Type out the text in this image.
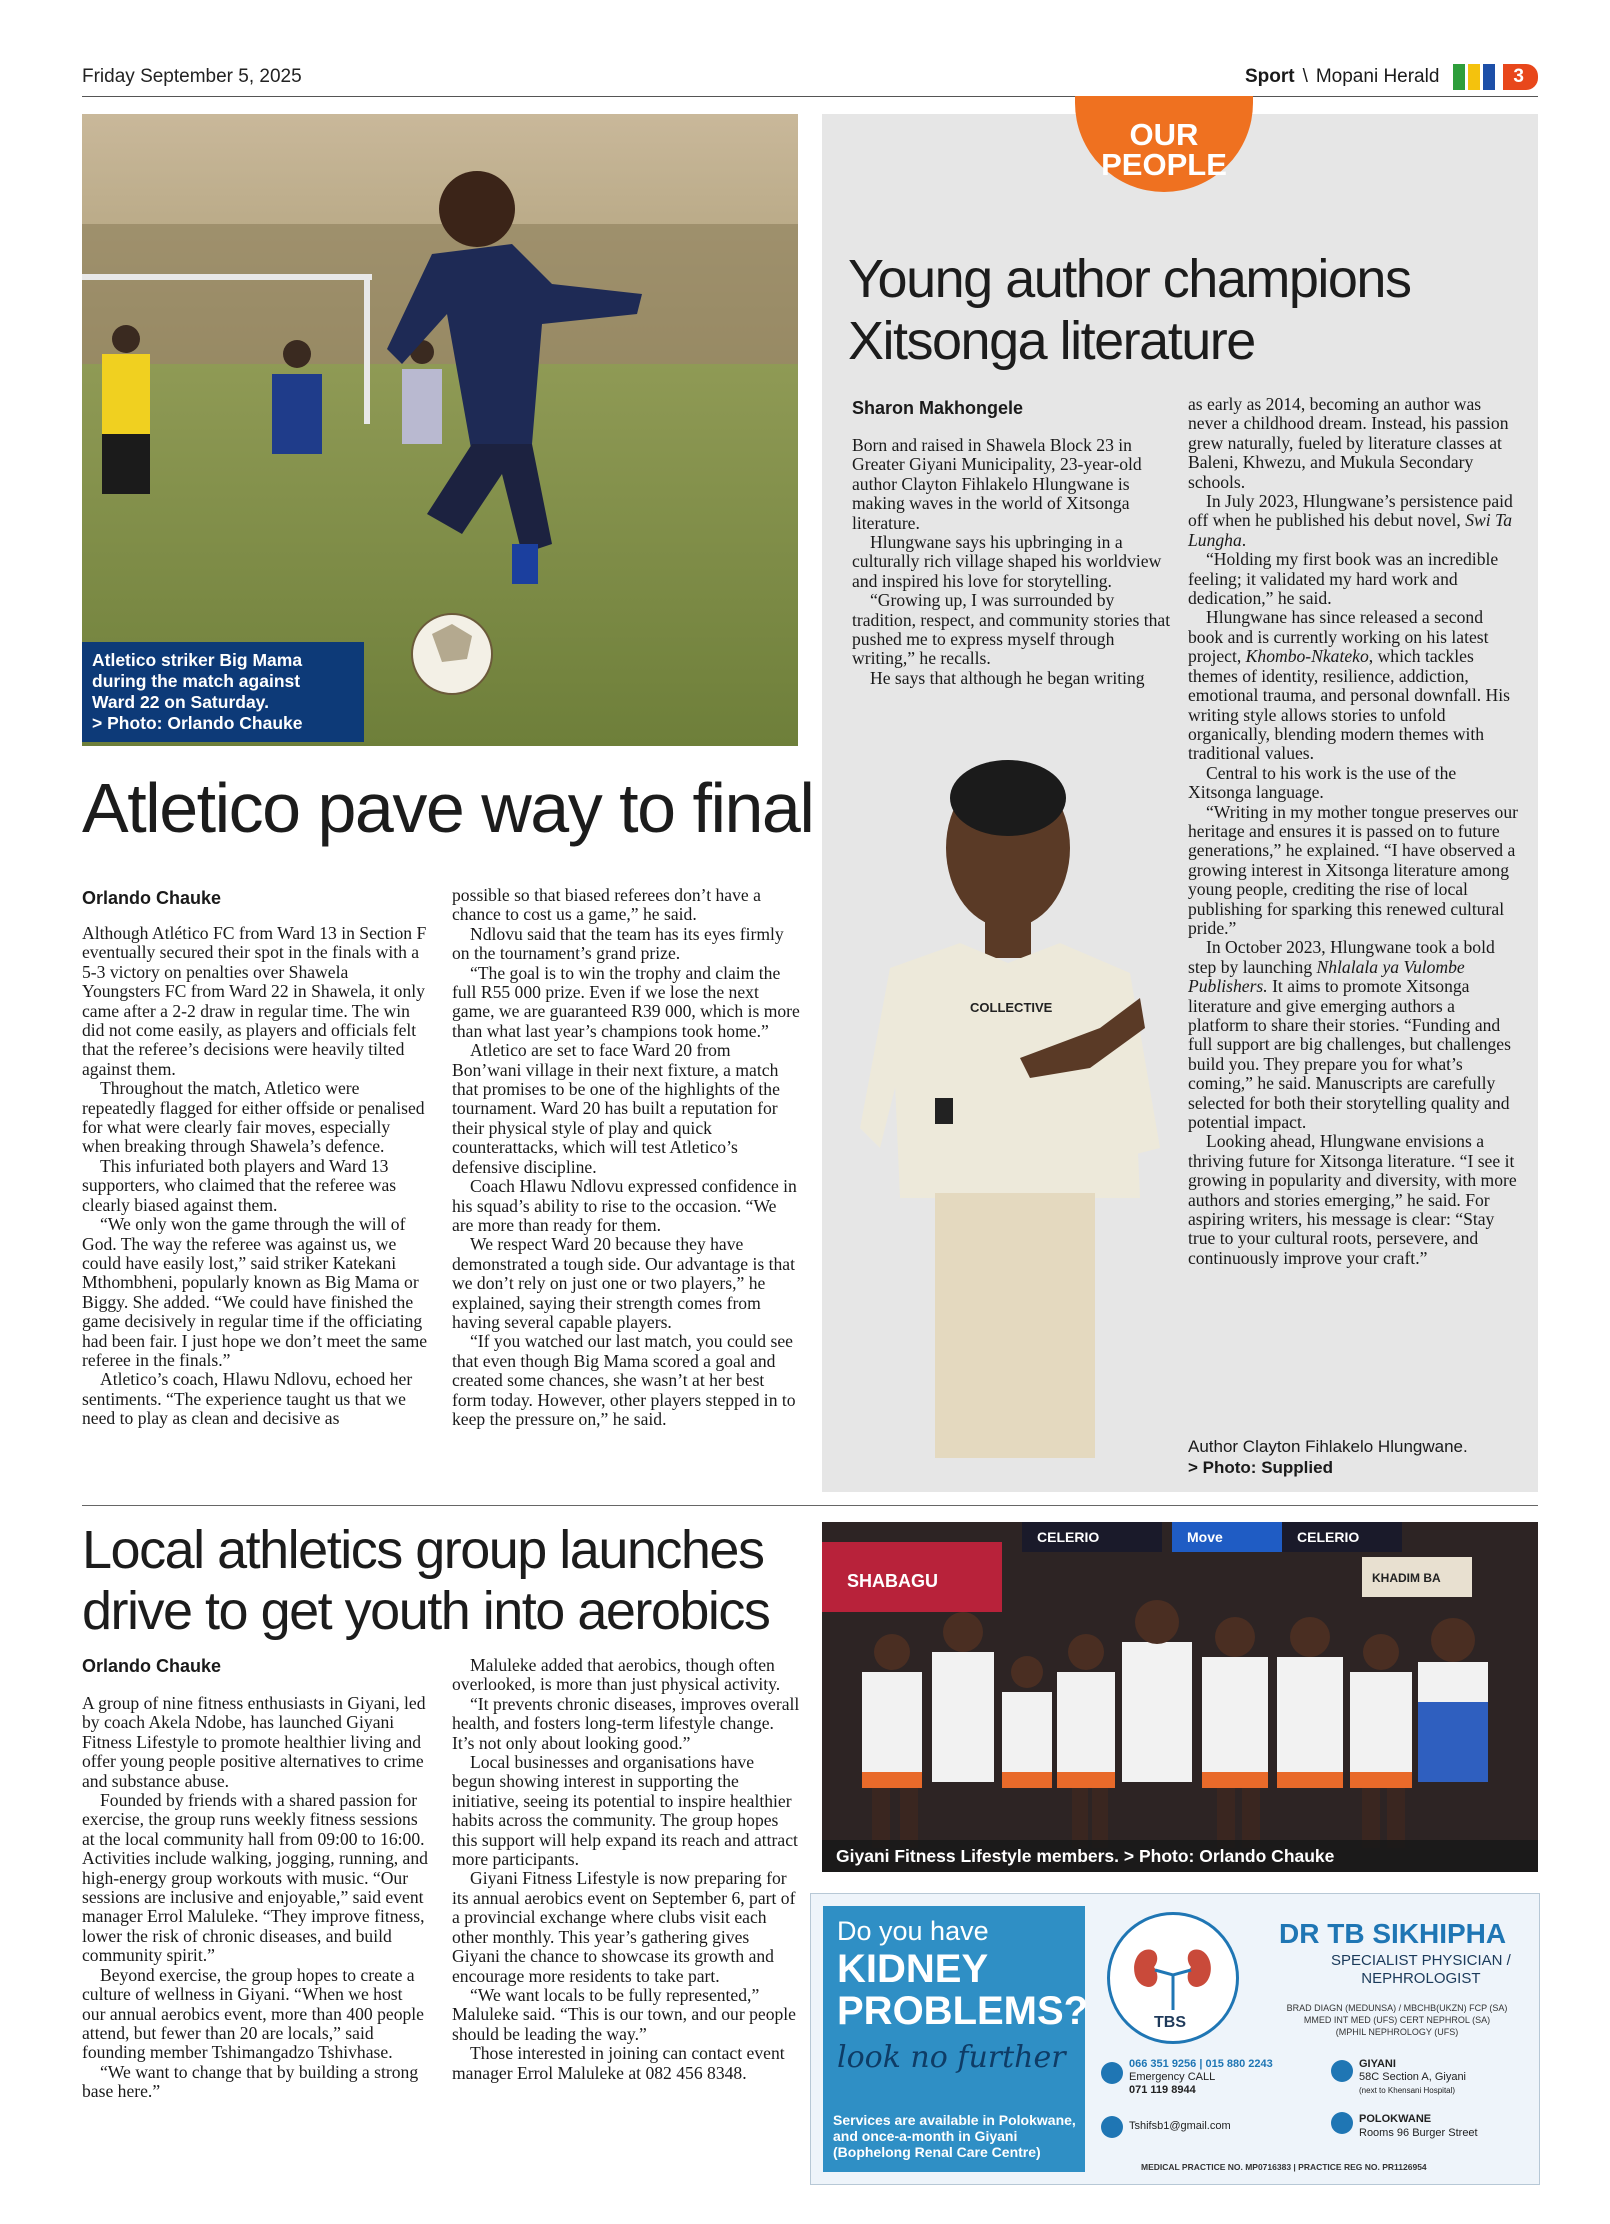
Friday September 5, 2025	Sport \ Mopani Herald	3
Atletico striker Big Mama
during the match against
Ward 22 on Saturday.
> Photo: Orlando Chauke
Atletico pave way to final
Orlando Chauke

Although Atlético FC from Ward 13 in Section F eventually secured their spot in the finals with a 5-3 victory on penalties over Shawela Youngsters FC from Ward 22 in Shawela, it only came after a 2-2 draw in regular time. The win did not come easily, as players and officials felt that the referee’s decisions were heavily tilted against them.

Throughout the match, Atletico were repeatedly flagged for either offside or penalised for what were clearly fair moves, especially when breaking through Shawela’s defence.

This infuriated both players and Ward 13 supporters, who claimed that the referee was clearly biased against them.

“We only won the game through the will of God. The way the referee was against us, we could have easily lost,” said striker Katekani Mthombheni, popularly known as Big Mama or Biggy. She added. “We could have finished the game decisively in regular time if the officiating had been fair. I just hope we don’t meet the same referee in the finals.”

Atletico’s coach, Hlawu Ndlovu, echoed her sentiments. “The experience taught us that we need to play as clean and decisive as

possible so that biased referees don’t have a chance to cost us a game,” he said.

Ndlovu said that the team has its eyes firmly on the tournament’s grand prize.

“The goal is to win the trophy and claim the full R55 000 prize. Even if we lose the next game, we are guaranteed R39 000, which is more than what last year’s champions took home.”

Atletico are set to face Ward 20 from Bon’wani village in their next fixture, a match that promises to be one of the highlights of the tournament. Ward 20 has built a reputation for their physical style of play and quick counterattacks, which will test Atletico’s defensive discipline.

Coach Hlawu Ndlovu expressed confidence in his squad’s ability to rise to the occasion. “We are more than ready for them.

We respect Ward 20 because they have demonstrated a tough side. Our advantage is that we don’t rely on just one or two players,” he explained, saying their strength comes from having several capable players.

“If you watched our last match, you could see that even though Big Mama scored a goal and created some chances, she wasn’t at her best form today. However, other players stepped in to keep the pressure on,” he said.

OUR
PEOPLE
Young author champions
Xitsonga literature
Sharon Makhongele

Born and raised in Shawela Block 23 in Greater Giyani Municipality, 23-year-old author Clayton Fihlakelo Hlungwane is making waves in the world of Xitsonga literature.

Hlungwane says his upbringing in a culturally rich village shaped his worldview and inspired his love for storytelling.

“Growing up, I was surrounded by tradition, respect, and community stories that pushed me to express myself through writing,” he recalls.

He says that although he began writing

COLLECTIVE

as early as 2014, becoming an author was never a childhood dream. Instead, his passion grew naturally, fueled by literature classes at Baleni, Khwezu, and Mukula Secondary schools.

In July 2023, Hlungwane’s persistence paid off when he published his debut novel, Swi Ta Lungha.

“Holding my first book was an incredible feeling; it validated my hard work and dedication,” he said.

Hlungwane has since released a second book and is currently working on his latest project, Khombo-Nkateko, which tackles themes of identity, resilience, addiction, emotional trauma, and personal downfall. His writing style allows stories to unfold organically, blending modern themes with traditional values.

Central to his work is the use of the Xitsonga language.

“Writing in my mother tongue preserves our heritage and ensures it is passed on to future generations,” he explained. “I have observed a growing interest in Xitsonga literature among young people, crediting the rise of local publishing for sparking this renewed cultural pride.”

In October 2023, Hlungwane took a bold step by launching Nhlalala ya Vulombe Publishers. It aims to promote Xitsonga literature and give emerging authors a platform to share their stories. “Funding and full support are big challenges, but challenges build you. They prepare you for what’s coming,” he said. Manuscripts are carefully selected for both their storytelling quality and potential impact.

Looking ahead, Hlungwane envisions a thriving future for Xitsonga literature. “I see it growing in popularity and diversity, with more authors and stories emerging,” he said. For aspiring writers, his message is clear: “Stay true to your cultural roots, persevere, and continuously improve your craft.”

Author Clayton Fihlakelo Hlungwane.
> Photo: Supplied
Local athletics group launches
drive to get youth into aerobics
Orlando Chauke

A group of nine fitness enthusiasts in Giyani, led by coach Akela Ndobe, has launched Giyani Fitness Lifestyle to promote healthier living and offer young people positive alternatives to crime and substance abuse.

Founded by friends with a shared passion for exercise, the group runs weekly fitness sessions at the local community hall from 09:00 to 16:00. Activities include walking, jogging, running, and high-energy group workouts with music. “Our sessions are inclusive and enjoyable,” said event manager Errol Maluleke. “They improve fitness, lower the risk of chronic diseases, and build community spirit.”

Beyond exercise, the group hopes to create a culture of wellness in Giyani. “When we host our annual aerobics event, more than 400 people attend, but fewer than 20 are locals,” said founding member Tshimangadzo Tshivhase.

“We want to change that by building a strong base here.”

Maluleke added that aerobics, though often overlooked, is more than just physical activity.

“It prevents chronic diseases, improves overall health, and fosters long-term lifestyle change. It’s not only about looking good.”

Local businesses and organisations have begun showing interest in supporting the initiative, seeing its potential to inspire healthier habits across the community. The group hopes this support will help expand its reach and attract more participants.

Giyani Fitness Lifestyle is now preparing for its annual aerobics event on September 6, part of a provincial exchange where clubs visit each other monthly. This year’s gathering gives Giyani the chance to showcase its growth and encourage more residents to take part.

“We want locals to be fully represented,” Maluleke said. “This is our town, and our people should be leading the way.”

Those interested in joining can contact event manager Errol Maluleke at 082 456 8348.

CELERIO	Move
SHABAGU
CELERIO
KHADIM BA
Giyani Fitness Lifestyle members. > Photo: Orlando Chauke
Do you have
KIDNEY
PROBLEMS?
look no further
Services are available in Polokwane,
and once-a-month in Giyani
(Bophelong Renal Care Centre)
TBS
DR TB SIKHIPHA
SPECIALIST PHYSICIAN /
NEPHROLOGIST
BRAD DIAGN (MEDUNSA) / MBCHB(UKZN) FCP (SA)
MMED INT MED (UFS) CERT NEPHROL (SA)
(MPHIL NEPHROLOGY (UFS)
066 351 9256 | 015 880 2243
Emergency CALL
071 119 8944
Tshifsb1@gmail.com
GIYANI
58C Section A, Giyani
(next to Khensani Hospital)
POLOKWANE
Rooms 96 Burger Street
MEDICAL PRACTICE NO. MP0716383 | PRACTICE REG NO. PR1126954
